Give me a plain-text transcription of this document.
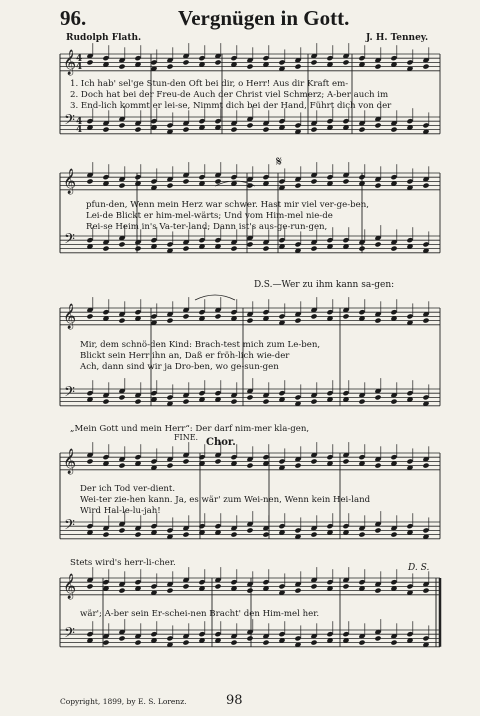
96.	Vergnügen in Gott.
Rudolph Flath.	J. H. Tenney.
𝄞
𝄢
4
4
4
4
𝄞
𝄢
𝄞
𝄢
𝄞
𝄢
𝄞
𝄢
𝄋
1. Ich hab' sel'ge Stun-den Oft bei dir, o Herr! Aus dir Kraft em-
2. Doch hat bei der Freu-de Auch der Christ viel Schmerz; A-ber auch im
3. End-lich kommt er lei-se, Nimmt dich bei der Hand, Führt dich von der
pfun-den, Wenn mein Herz war schwer. Hast mir viel ver-ge-ben,
Lei-de Blickt er him-mel-wärts; Und vom Him-mel nie-de
Rei-se Heim in's Va-ter-land; Dann ist's aus-ge-run-gen,
D.S.—Wer zu ihm kann sa-gen:
Mir, dem schnö-den Kind: Brach-test mich zum Le-ben,
Blickt sein Herr ihn an, Daß er fröh-lich wie-der
Ach, dann sind wir ja Dro-ben, wo ge-sun-gen
„Mein Gott und mein Herr“: Der darf nim-mer kla-gen,
FINE. Chor.
Der ich Tod ver-dient.
Wei-ter zie-hen kann. Ja, es wär' zum Wei-nen, Wenn kein Hei-land
Wird Hal-le-lu-jah!
Stets wird's herr-li-cher.	D. S.
wär'; A-ber sein Er-schei-nen Bracht' den Him-mel her.
Copyright, 1899, by E. S. Lorenz.	98
